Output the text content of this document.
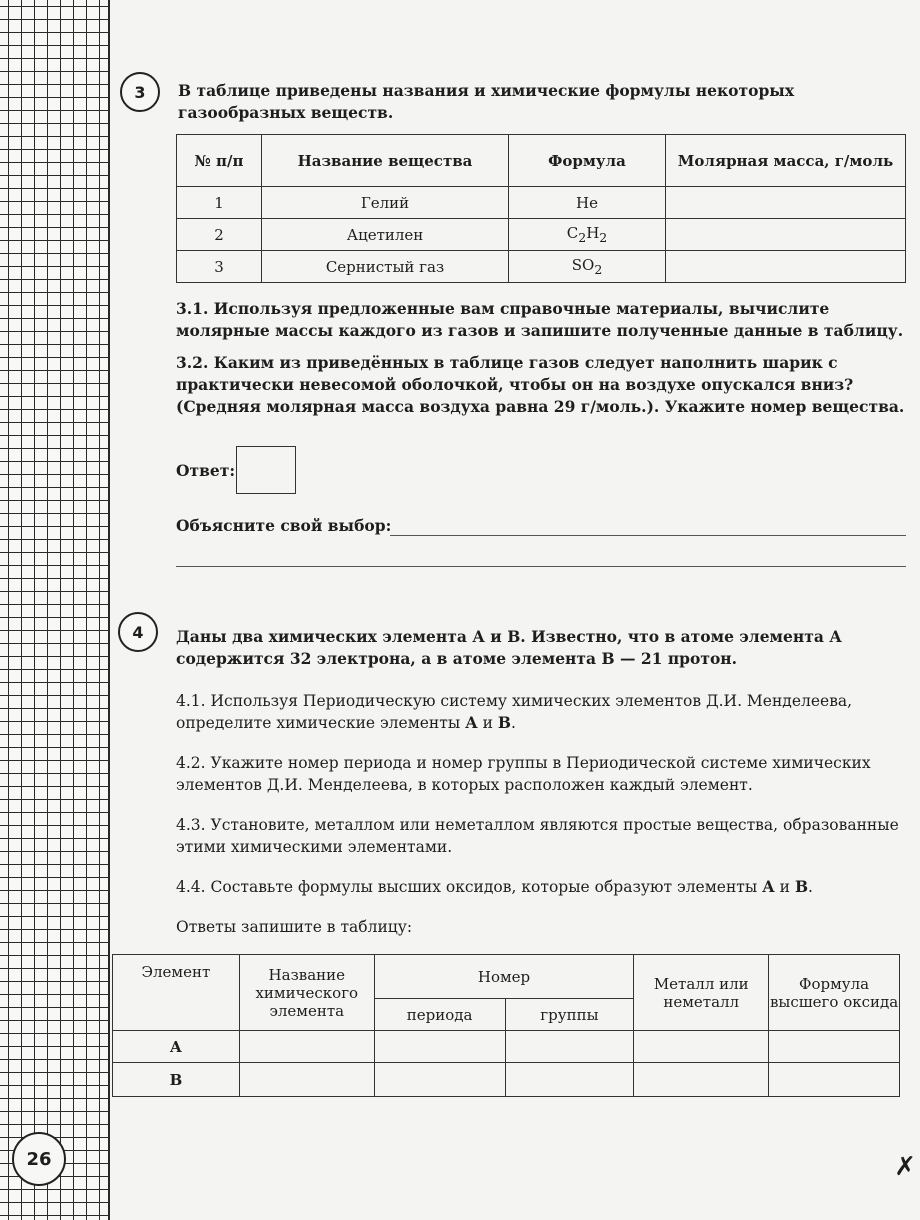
26
3	В таблице приведены названия и химические формулы некоторых газообразных веществ.
№ п/п	Название вещества	Формула	Молярная масса, г/моль
1	Гелий	He	
2	Ацетилен	$C_2H_2$	
3	Сернистый газ	$SO_2$	
3.1. Используя предложенные вам справочные материалы, вычислите молярные массы каждого из газов и запишите полученные данные в таблицу.
3.2. Каким из приведённых в таблице газов следует наполнить шарик с практически невесомой оболочкой, чтобы он на воздухе опускался вниз? (Средняя молярная масса воздуха равна 29 г/моль.). Укажите номер вещества.
Ответ:
Объясните свой выбор:
4	Даны два химических элемента А и В. Известно, что в атоме элемента А содержится 32 электрона, а в атоме элемента В — 21 протон.
4.1. Используя Периодическую систему химических элементов Д.И. Менделеева, определите химические элементы А и В.
4.2. Укажите номер периода и номер группы в Периодической системе химических элементов Д.И. Менделеева, в которых расположен каждый элемент.
4.3. Установите, металлом или неметаллом являются простые вещества, образованные этими химическими элементами.
4.4. Составьте формулы высших оксидов, которые образуют элементы А и В.
Ответы запишите в таблицу:
Элемент	Название химического элемента	Номер		Металл или неметалл	Формула высшего оксида
		периода	группы		
А					
В					
✗
